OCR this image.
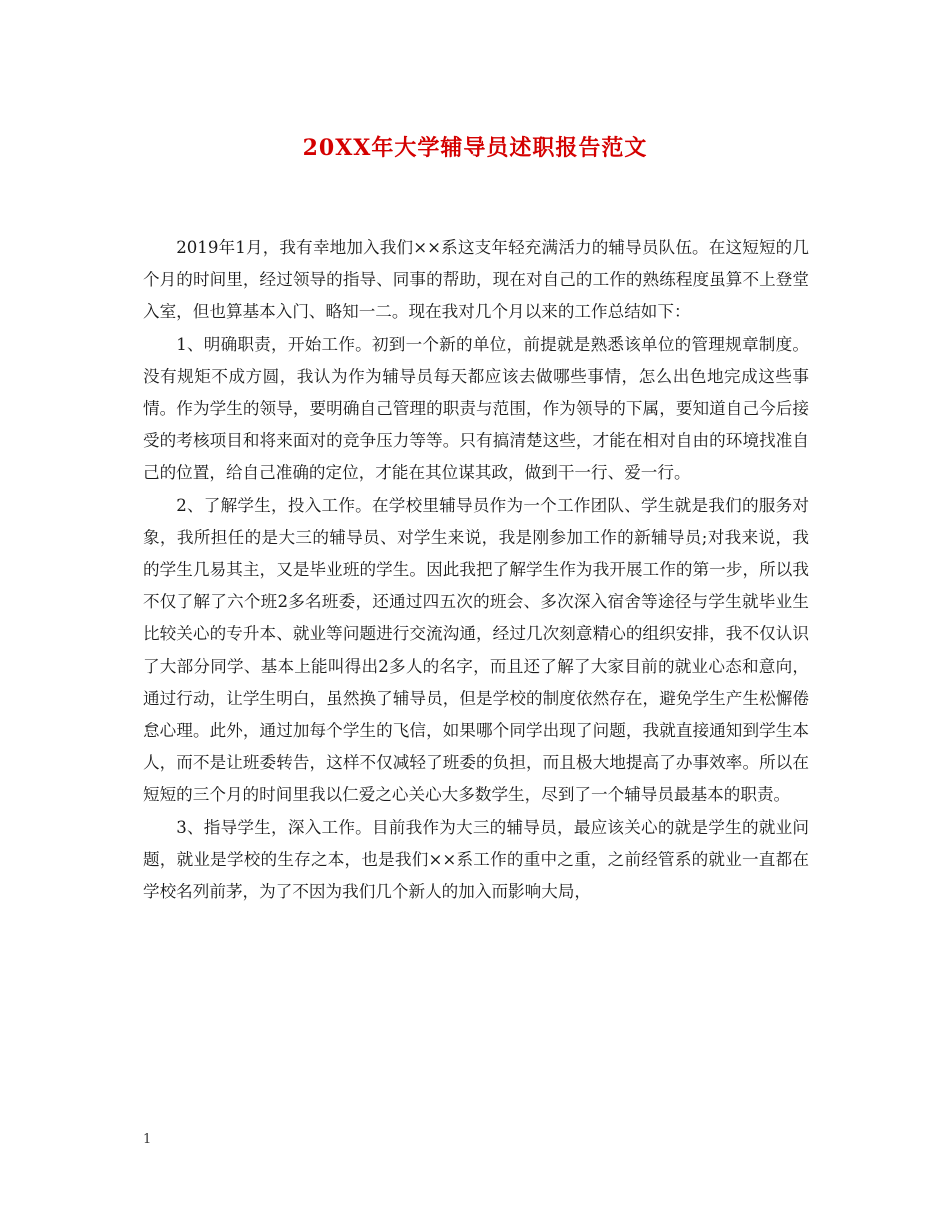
20XX年大学辅导员述职报告范文

2019年1月，我有幸地加入我们××系这支年轻充满活力的辅导员队伍。在这短短的几个月的时间里，经过领导的指导、同事的帮助，现在对自己的工作的熟练程度虽算不上登堂入室，但也算基本入门、略知一二。现在我对几个月以来的工作总结如下：

1、明确职责，开始工作。初到一个新的单位，前提就是熟悉该单位的管理规章制度。没有规矩不成方圆，我认为作为辅导员每天都应该去做哪些事情，怎么出色地完成这些事情。作为学生的领导，要明确自己管理的职责与范围，作为领导的下属，要知道自己今后接受的考核项目和将来面对的竞争压力等等。只有搞清楚这些，才能在相对自由的环境找准自己的位置，给自己准确的定位，才能在其位谋其政，做到干一行、爱一行。

2、了解学生，投入工作。在学校里辅导员作为一个工作团队、学生就是我们的服务对象，我所担任的是大三的辅导员、对学生来说，我是刚参加工作的新辅导员;对我来说，我的学生几易其主，又是毕业班的学生。因此我把了解学生作为我开展工作的第一步，所以我不仅了解了六个班2多名班委，还通过四五次的班会、多次深入宿舍等途径与学生就毕业生比较关心的专升本、就业等问题进行交流沟通，经过几次刻意精心的组织安排，我不仅认识了大部分同学、基本上能叫得出2多人的名字，而且还了解了大家目前的就业心态和意向，通过行动，让学生明白，虽然换了辅导员，但是学校的制度依然存在，避免学生产生松懈倦怠心理。此外，通过加每个学生的飞信，如果哪个同学出现了问题，我就直接通知到学生本人，而不是让班委转告，这样不仅减轻了班委的负担，而且极大地提高了办事效率。所以在短短的三个月的时间里我以仁爱之心关心大多数学生，尽到了一个辅导员最基本的职责。

3、指导学生，深入工作。目前我作为大三的辅导员，最应该关心的就是学生的就业问题，就业是学校的生存之本，也是我们××系工作的重中之重，之前经管系的就业一直都在学校名列前茅，为了不因为我们几个新人的加入而影响大局，

1
